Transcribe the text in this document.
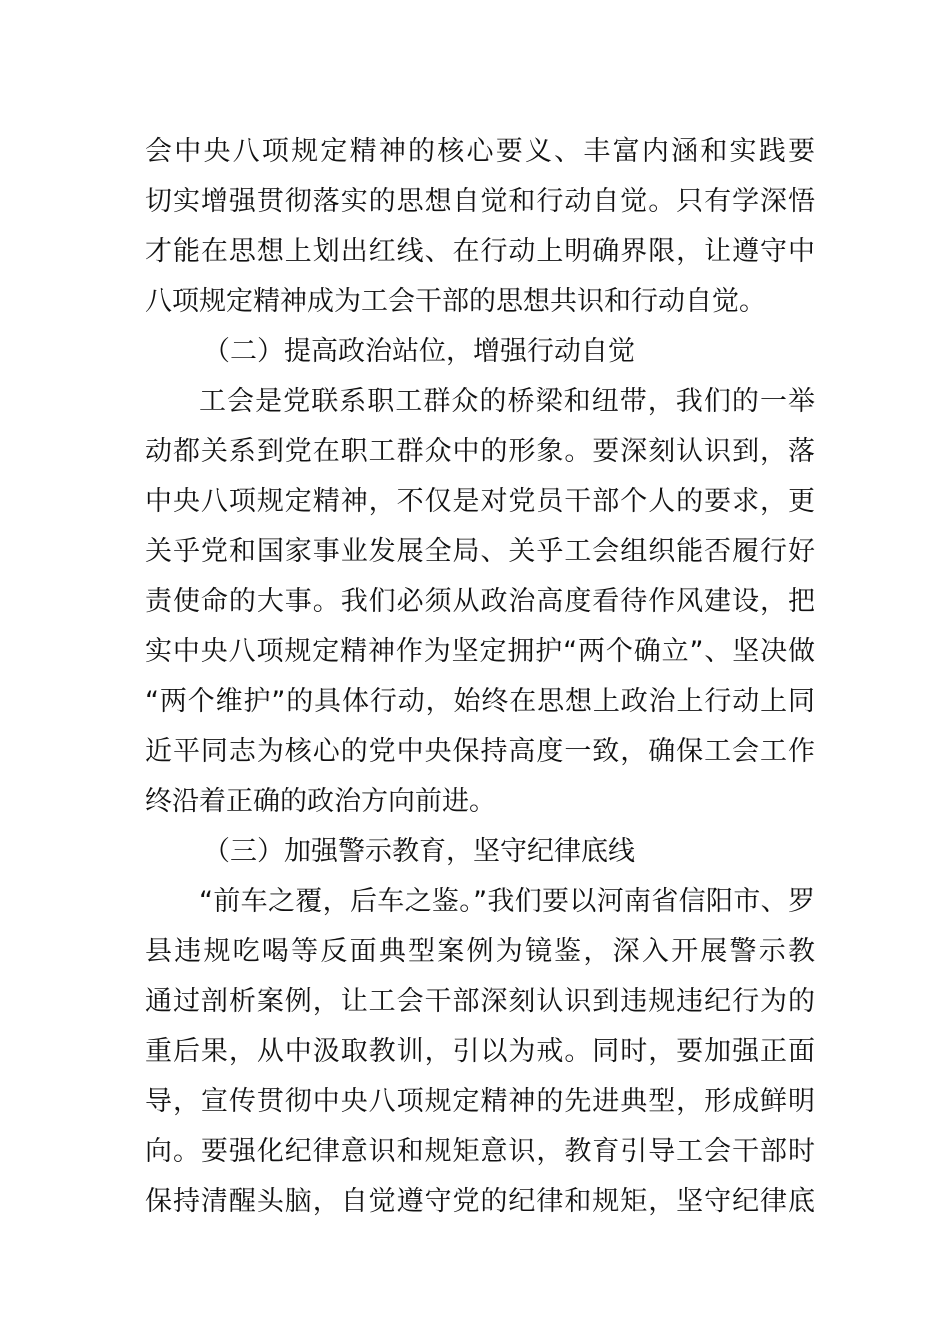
会中央八项规定精神的核心要义、丰富内涵和实践要
切实增强贯彻落实的思想自觉和行动自觉。只有学深悟
才能在思想上划出红线、在行动上明确界限，让遵守中
八项规定精神成为工会干部的思想共识和行动自觉。
（二）提高政治站位，增强行动自觉
工会是党联系职工群众的桥梁和纽带，我们的一举
动都关系到党在职工群众中的形象。要深刻认识到，落
中央八项规定精神，不仅是对党员干部个人的要求，更
关乎党和国家事业发展全局、关乎工会组织能否履行好
责使命的大事。我们必须从政治高度看待作风建设，把
实中央八项规定精神作为坚定拥护“两个确立”、坚决做
“两个维护”的具体行动，始终在思想上政治上行动上同
近平同志为核心的党中央保持高度一致，确保工会工作
终沿着正确的政治方向前进。
（三）加强警示教育，坚守纪律底线
“前车之覆，后车之鉴。”我们要以河南省信阳市、罗
县违规吃喝等反面典型案例为镜鉴，深入开展警示教
通过剖析案例，让工会干部深刻认识到违规违纪行为的
重后果，从中汲取教训，引以为戒。同时，要加强正面
导，宣传贯彻中央八项规定精神的先进典型，形成鲜明
向。要强化纪律意识和规矩意识，教育引导工会干部时
保持清醒头脑，自觉遵守党的纪律和规矩，坚守纪律底
